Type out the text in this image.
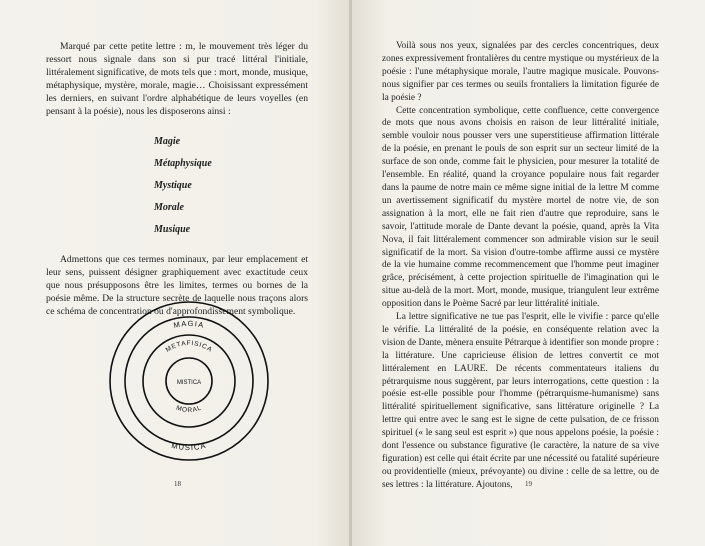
Marqué par cette petite lettre : m, le mouvement très léger du ressort nous signale dans son si pur tracé littéral l'initiale, littéralement significative, de mots tels que : mort, monde, musique, métaphysique, mystère, morale, magie… Choisissant expressément les derniers, en suivant l'ordre alphabétique de leurs voyelles (en pensant à la poésie), nous les disposerons ainsi :

Magie
Métaphysique
Mystique
Morale
Musique

Admettons que ces termes nominaux, par leur emplacement et leur sens, puissent désigner graphiquement avec exactitude ceux que nous présupposons être les limites, termes ou bornes de la poésie même. De la structure secrète de laquelle nous traçons alors ce schéma de concentration ou d'approfondissement symbolique.

MAGIA
METAFISICA
MISTICA
MORAL
MUSICA
18

Voilà sous nos yeux, signalées par des cercles concentriques, deux zones expressivement frontalières du centre mystique ou mystérieux de la poésie : l'une métaphysique morale, l'autre magique musicale. Pouvons-nous signifier par ces termes ou seuils frontaliers la limitation figurée de la poésie ?

Cette concentration symbolique, cette confluence, cette convergence de mots que nous avons choisis en raison de leur littéralité initiale, semble vouloir nous pousser vers une superstitieuse affirmation littérale de la poésie, en prenant le pouls de son esprit sur un secteur limité de la surface de son onde, comme fait le physicien, pour mesurer la totalité de l'ensemble. En réalité, quand la croyance populaire nous fait regarder dans la paume de notre main ce même signe initial de la lettre M comme un avertissement significatif du mystère mortel de notre vie, de son assignation à la mort, elle ne fait rien d'autre que reproduire, sans le savoir, l'attitude morale de Dante devant la poésie, quand, après la Vita Nova, il fait littéralement commencer son admirable vision sur le seuil significatif de la mort. Sa vision d'outre-tombe affirme aussi ce mystère de la vie humaine comme recommencement que l'homme peut imaginer grâce, précisément, à cette projection spirituelle de l'imagination qui le situe au-delà de la mort. Mort, monde, musique, triangulent leur extrême opposition dans le Poème Sacré par leur littéralité initiale.

La lettre significative ne tue pas l'esprit, elle le vivifie : parce qu'elle le vérifie. La littéralité de la poésie, en conséquente relation avec la vision de Dante, mènera ensuite Pétrarque à identifier son monde propre : la littérature. Une capricieuse élision de lettres convertit ce mot littéralement en LAURE. De récents commentateurs italiens du pétrarquisme nous suggèrent, par leurs interrogations, cette question : la poésie est-elle possible pour l'homme (pétrarquisme-humanisme) sans littéralité spirituellement significative, sans littérature originelle ? La lettre qui entre avec le sang est le signe de cette pulsation, de ce frisson spirituel (« le sang seul est esprit ») que nous appelons poésie, la poésie : dont l'essence ou substance figurative (le caractère, la nature de sa vive figuration) est celle qui était écrite par une nécessité ou fatalité supérieure ou providentielle (mieux, prévoyante) ou divine : celle de sa lettre, ou de ses lettres : la littérature. Ajoutons,	19
